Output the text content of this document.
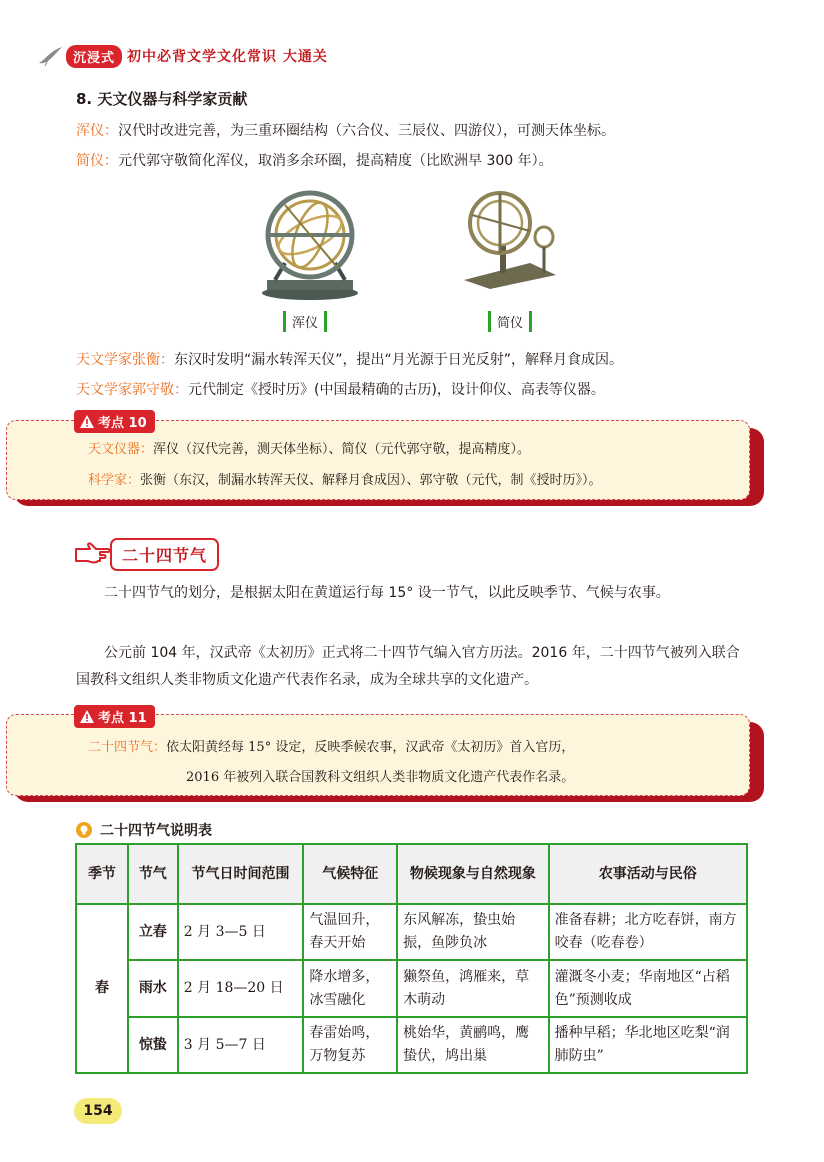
沉浸式 初中必背文学文化常识 大通关
8. 天文仪器与科学家贡献
浑仪：汉代时改进完善，为三重环圈结构（六合仪、三辰仪、四游仪），可测天体坐标。
简仪：元代郭守敬简化浑仪，取消多余环圈，提高精度（比欧洲早 300 年）。
浑仪	简仪
天文学家张衡：东汉时发明“漏水转浑天仪”，提出“月光源于日光反射”，解释月食成因。
天文学家郭守敬：元代制定《授时历》(中国最精确的古历)，设计仰仪、高表等仪器。
考点 10
天文仪器：浑仪（汉代完善，测天体坐标）、简仪（元代郭守敬，提高精度）。
科学家：张衡（东汉，制漏水转浑天仪、解释月食成因）、郭守敬（元代，制《授时历》）。
二十四节气
二十四节气的划分，是根据太阳在黄道运行每 15° 设一节气，以此反映季节、气候与农事。
公元前 104 年，汉武帝《太初历》正式将二十四节气编入官方历法。2016 年，二十四节气被列入联合国教科文组织人类非物质文化遗产代表作名录，成为全球共享的文化遗产。
考点 11
二十四节气：依太阳黄经每 15° 设定，反映季候农事，汉武帝《太初历》首入官历，
2016 年被列入联合国教科文组织人类非物质文化遗产代表作名录。
二十四节气说明表
季节	节气	节气日时间范围	气候特征	物候现象与自然现象	农事活动与民俗
春	立春	2 月 3—5 日	气温回升，春天开始	东风解冻，蛰虫始振，鱼陟负冰	准备春耕；北方吃春饼，南方咬春（吃春卷）
	雨水	2 月 18—20 日	降水增多，冰雪融化	獭祭鱼，鸿雁来，草木萌动	灌溉冬小麦；华南地区“占稻色”预测收成
	惊蛰	3 月 5—7 日	春雷始鸣，万物复苏	桃始华，黄鹂鸣，鹰蛰伏，鸠出巢	播种早稻；华北地区吃梨“润肺防虫”
154
